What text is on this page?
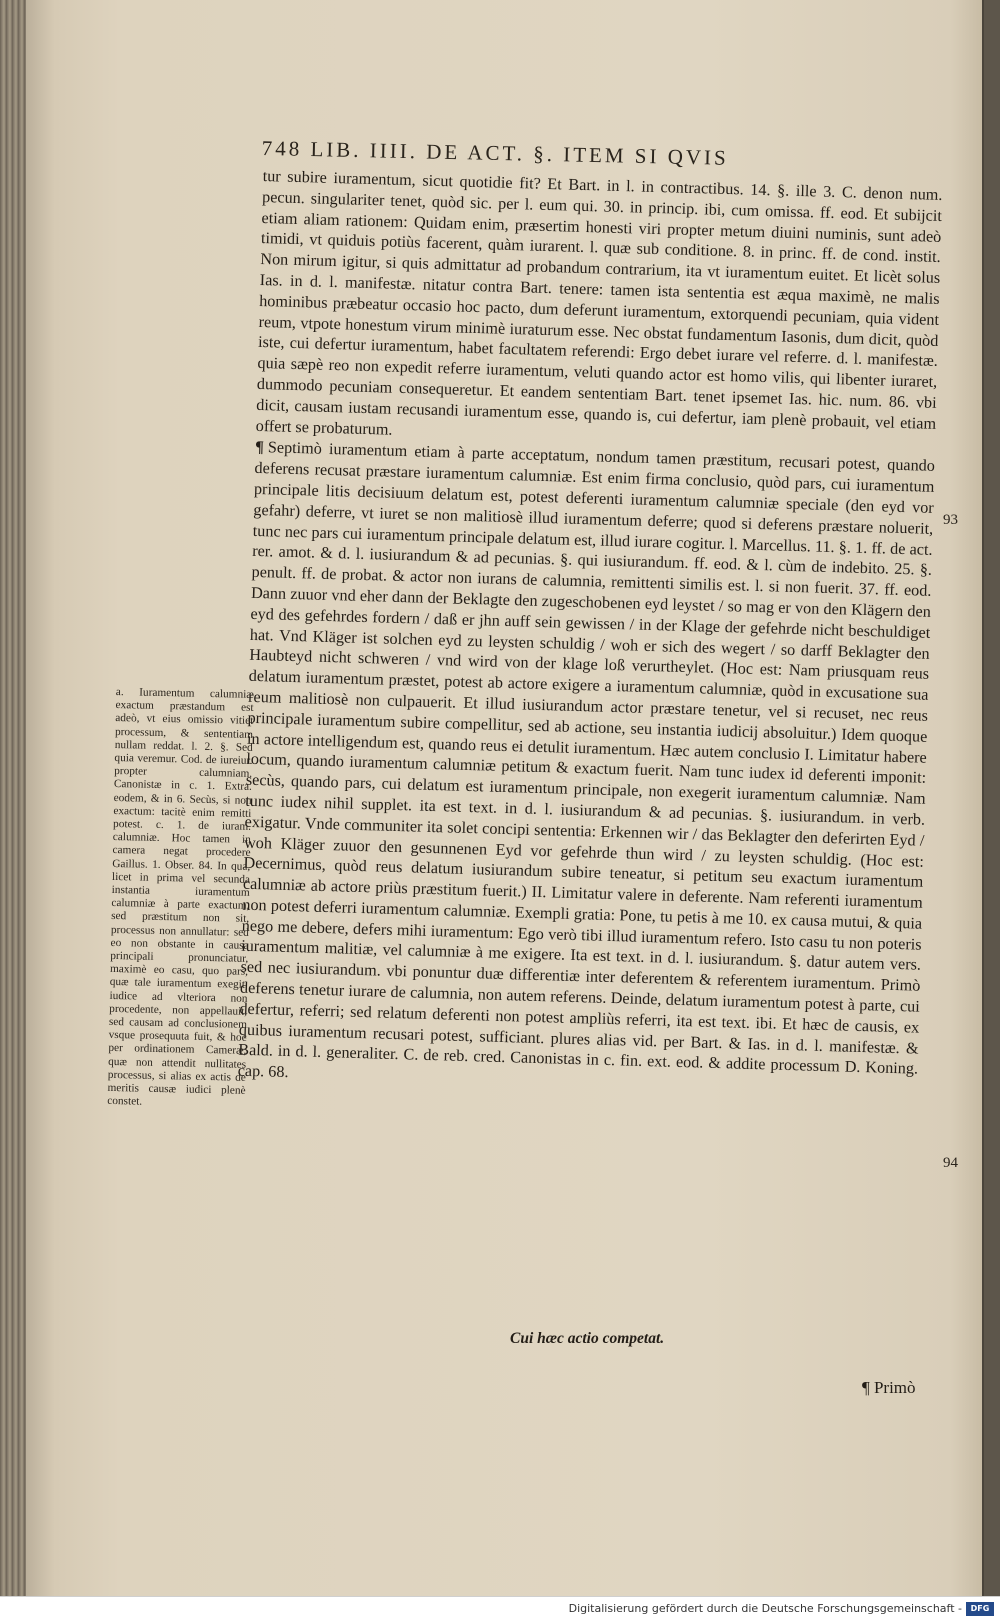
748 LIB. IIII. DE ACT. §. ITEM SI QVIS

tur subire iuramentum, sicut quotidie fit? Et Bart. in l. in contractibus. 14. §. ille 3. C. denon num. pecun. singulariter tenet, quòd sic. per l. eum qui. 30. in princip. ibi, cum omissa. ff. eod. Et subijcit etiam aliam rationem: Quidam enim, præsertim honesti viri propter metum diuini numinis, sunt adeò timidi, vt quiduis potiùs facerent, quàm iurarent. l. quæ sub conditione. 8. in princ. ff. de cond. instit. Non mirum igitur, si quis admittatur ad probandum contrarium, ita vt iuramentum euitet. Et licèt solus Ias. in d. l. manifestæ. nitatur contra Bart. tenere: tamen ista sententia est æqua maximè, ne malis hominibus præbeatur occasio hoc pacto, dum deferunt iuramentum, extorquendi pecuniam, quia vident reum, vtpote honestum virum minimè iuraturum esse. Nec obstat fundamentum Iasonis, dum dicit, quòd iste, cui defertur iuramentum, habet facultatem referendi: Ergo debet iurare vel referre. d. l. manifestæ. quia sæpè reo non expedit referre iuramentum, veluti quando actor est homo vilis, qui libenter iuraret, dummodo pecuniam consequeretur. Et eandem sententiam Bart. tenet ipsemet Ias. hic. num. 86. vbi dicit, causam iustam recusandi iuramentum esse, quando is, cui defertur, iam plenè probauit, vel etiam offert se probaturum.

¶ Septimò iuramentum etiam à parte acceptatum, nondum tamen præstitum, recusari potest, quando deferens recusat præstare iuramentum calumniæ. Est enim firma conclusio, quòd pars, cui iuramentum principale litis decisiuum delatum est, potest deferenti iuramentum calumniæ speciale (den eyd vor gefahr) deferre, vt iuret se non malitiosè illud iuramentum deferre; quod si deferens præstare noluerit, tunc nec pars cui iuramentum principale delatum est, illud iurare cogitur. l. Marcellus. 11. §. 1. ff. de act. rer. amot. & d. l. iusiurandum & ad pecunias. §. qui iusiurandum. ff. eod. & l. cùm de indebito. 25. §. penult. ff. de probat. & actor non iurans de calumnia, remittenti similis est. l. si non fuerit. 37. ff. eod. Dann zuuor vnd eher dann der Beklagte den zugeschobenen eyd leystet / so mag er von den Klägern den eyd des gefehrdes fordern / daß er jhn auff sein gewissen / in der Klage der gefehrde nicht beschuldiget hat. Vnd Kläger ist solchen eyd zu leysten schuldig / woh er sich des wegert / so darff Beklagter den Haubteyd nicht schweren / vnd wird von der klage loß verurtheylet. (Hoc est: Nam priusquam reus delatum iuramentum præstet, potest ab actore exigere a iuramentum calumniæ, quòd in excusatione sua reum malitiosè non culpauerit. Et illud iusiurandum actor præstare tenetur, vel si recuset, nec reus principale iuramentum subire compellitur, sed ab actione, seu instantia iudicij absoluitur.) Idem quoque in actore intelligendum est, quando reus ei detulit iuramentum. Hæc autem conclusio I. Limitatur habere locum, quando iuramentum calumniæ petitum & exactum fuerit. Nam tunc iudex id deferenti imponit: secùs, quando pars, cui delatum est iuramentum principale, non exegerit iuramentum calumniæ. Nam tunc iudex nihil supplet. ita est text. in d. l. iusiurandum & ad pecunias. §. iusiurandum. in verb. exigatur. Vnde communiter ita solet concipi sententia: Erkennen wir / das Beklagter den deferirten Eyd / woh Kläger zuuor den gesunnenen Eyd vor gefehrde thun wird / zu leysten schuldig. (Hoc est: Decernimus, quòd reus delatum iusiurandum subire teneatur, si petitum seu exactum iuramentum calumniæ ab actore priùs præstitum fuerit.) II. Limitatur valere in deferente. Nam referenti iuramentum non potest deferri iuramentum calumniæ. Exempli gratia: Pone, tu petis à me 10. ex causa mutui, & quia nego me debere, defers mihi iuramentum: Ego verò tibi illud iuramentum refero. Isto casu tu non poteris iuramentum malitiæ, vel calumniæ à me exigere. Ita est text. in d. l. iusiurandum. §. datur autem vers. sed nec iusiurandum. vbi ponuntur duæ differentiæ inter deferentem & referentem iuramentum. Primò deferens tenetur iurare de calumnia, non autem referens. Deinde, delatum iuramentum potest à parte, cui defertur, referri; sed relatum deferenti non potest ampliùs referri, ita est text. ibi. Et hæc de causis, ex quibus iuramentum recusari potest, sufficiant. plures alias vid. per Bart. & Ias. in d. l. manifestæ. & Bald. in d. l. generaliter. C. de reb. cred. Canonistas in c. fin. ext. eod. & addite processum D. Koning. cap. 68.

93

94

a. Iuramentum calumniæ exactum præstandum est adeò, vt eius omissio vitiet processum, & sententiam nullam reddat. l. 2. §. Sed quia veremur. Cod. de iureiur. propter calumniam. Canonistæ in c. 1. Extra. eodem, & in 6. Secùs, si non exactum: tacitè enim remitti potest. c. 1. de iuram. calumniæ. Hoc tamen in camera negat procedere Gaillus. 1. Obser. 84. In qua, licet in prima vel secunda instantia iuramentum calumniæ à parte exactum, sed præstitum non sit, processus non annullatur: sed eo non obstante in causa principali pronunciatur, maximè eo casu, quo pars, quæ tale iuramentum exegit, iudice ad vlteriora non procedente, non appellauit, sed causam ad conclusionem vsque prosequuta fuit, & hoc per ordinationem Cameræ, quæ non attendit nullitates processus, si alias ex actis de meritis causæ iudici plenè constet.

Cui hæc actio competat.

¶ Primò

Digitalisierung gefördert durch die Deutsche Forschungsgemeinschaft -	DFG
